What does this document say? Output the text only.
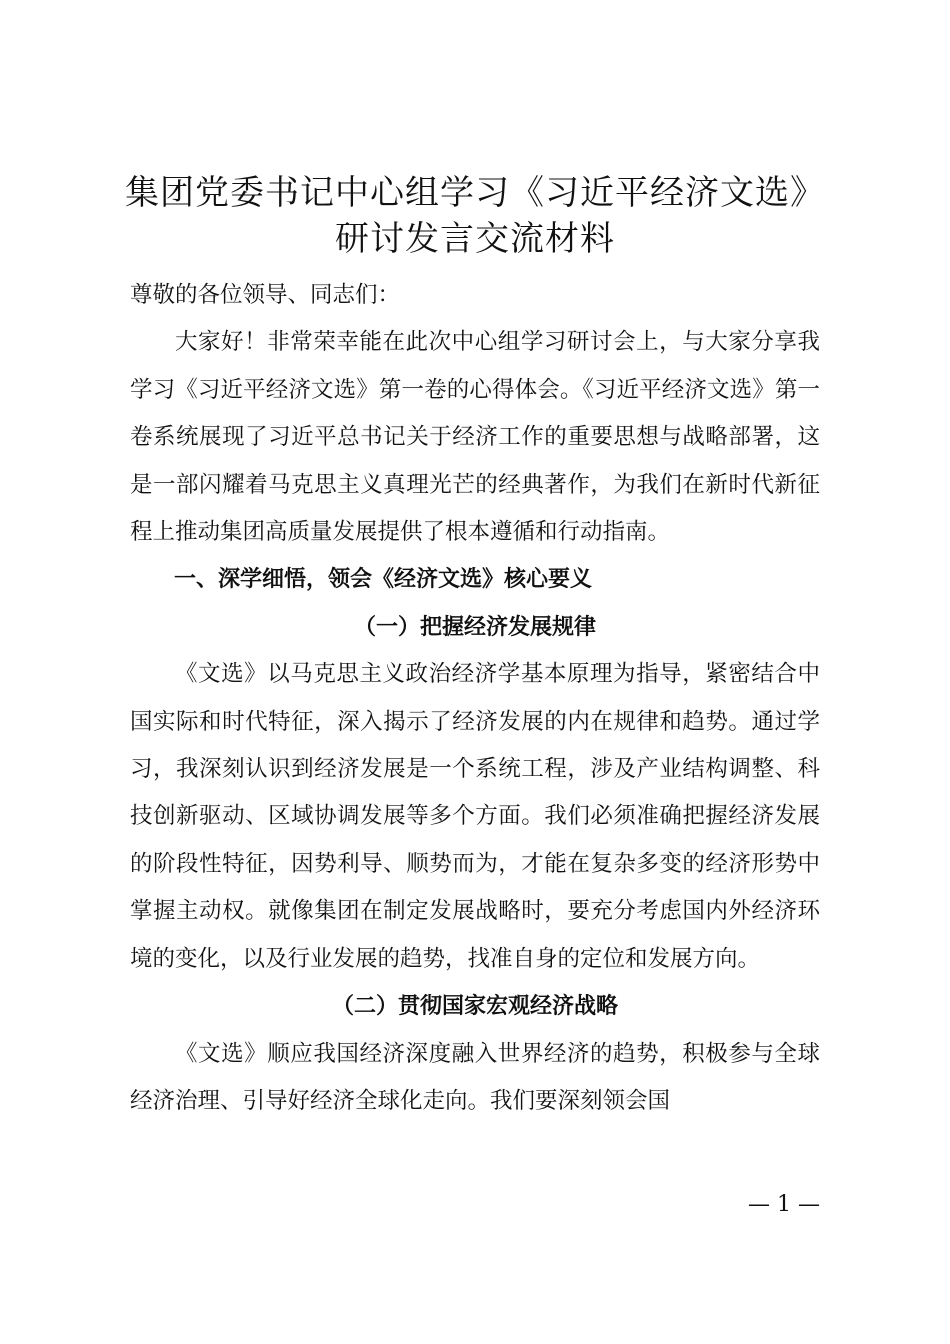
集团党委书记中心组学习《习近平经济文选》
研讨发言交流材料

尊敬的各位领导、同志们：

大家好！非常荣幸能在此次中心组学习研讨会上，与大家分享我学习《习近平经济文选》第一卷的心得体会。《习近平经济文选》第一卷系统展现了习近平总书记关于经济工作的重要思想与战略部署，这是一部闪耀着马克思主义真理光芒的经典著作，为我们在新时代新征程上推动集团高质量发展提供了根本遵循和行动指南。

一、深学细悟，领会《经济文选》核心要义

（一）把握经济发展规律

《文选》以马克思主义政治经济学基本原理为指导，紧密结合中国实际和时代特征，深入揭示了经济发展的内在规律和趋势。通过学习，我深刻认识到经济发展是一个系统工程，涉及产业结构调整、科技创新驱动、区域协调发展等多个方面。我们必须准确把握经济发展的阶段性特征，因势利导、顺势而为，才能在复杂多变的经济形势中掌握主动权。就像集团在制定发展战略时，要充分考虑国内外经济环境的变化，以及行业发展的趋势，找准自身的定位和发展方向。

（二）贯彻国家宏观经济战略

《文选》顺应我国经济深度融入世界经济的趋势，积极参与全球经济治理、引导好经济全球化走向。我们要深刻领会国

— 1 —
